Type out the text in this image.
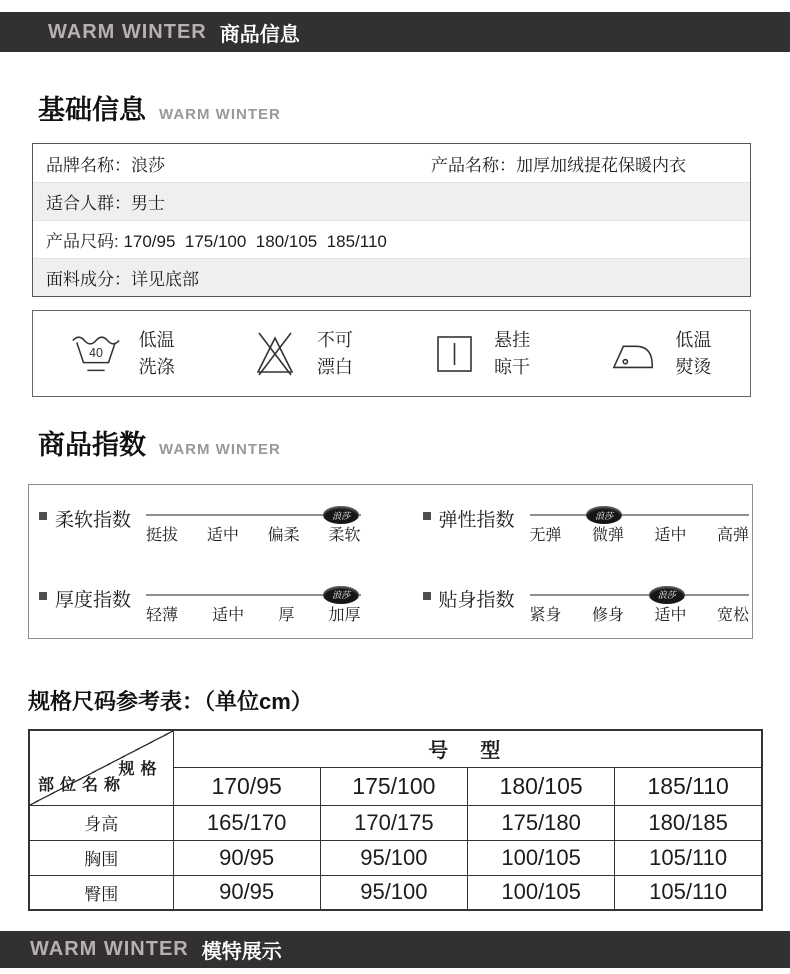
WARM WINTER 商品信息
基础信息 WARM WINTER
品牌名称：浪莎	产品名称：加厚加绒提花保暖内衣
适合人群：男士
产品尺码: 170/95  175/100  180/105  185/110
面料成分：详见底部
40
低温
洗涤
不可
漂白
悬挂
晾干
低温
熨烫
商品指数 WARM WINTER
柔软指数	浪莎
挺拔 适中 偏柔 柔软
厚度指数	浪莎
轻薄 适中 厚 加厚
弹性指数	浪莎
无弹 微弹 适中 高弹
贴身指数	浪莎
紧身 修身 适中 宽松
规格尺码参考表：（单位cm）
规格
部位名称	号　型			
	170/95	175/100	180/105	185/110
身高	165/170	170/175	175/180	180/185
胸围	90/95	95/100	100/105	105/110
臀围	90/95	95/100	100/105	105/110
WARM WINTER 模特展示
